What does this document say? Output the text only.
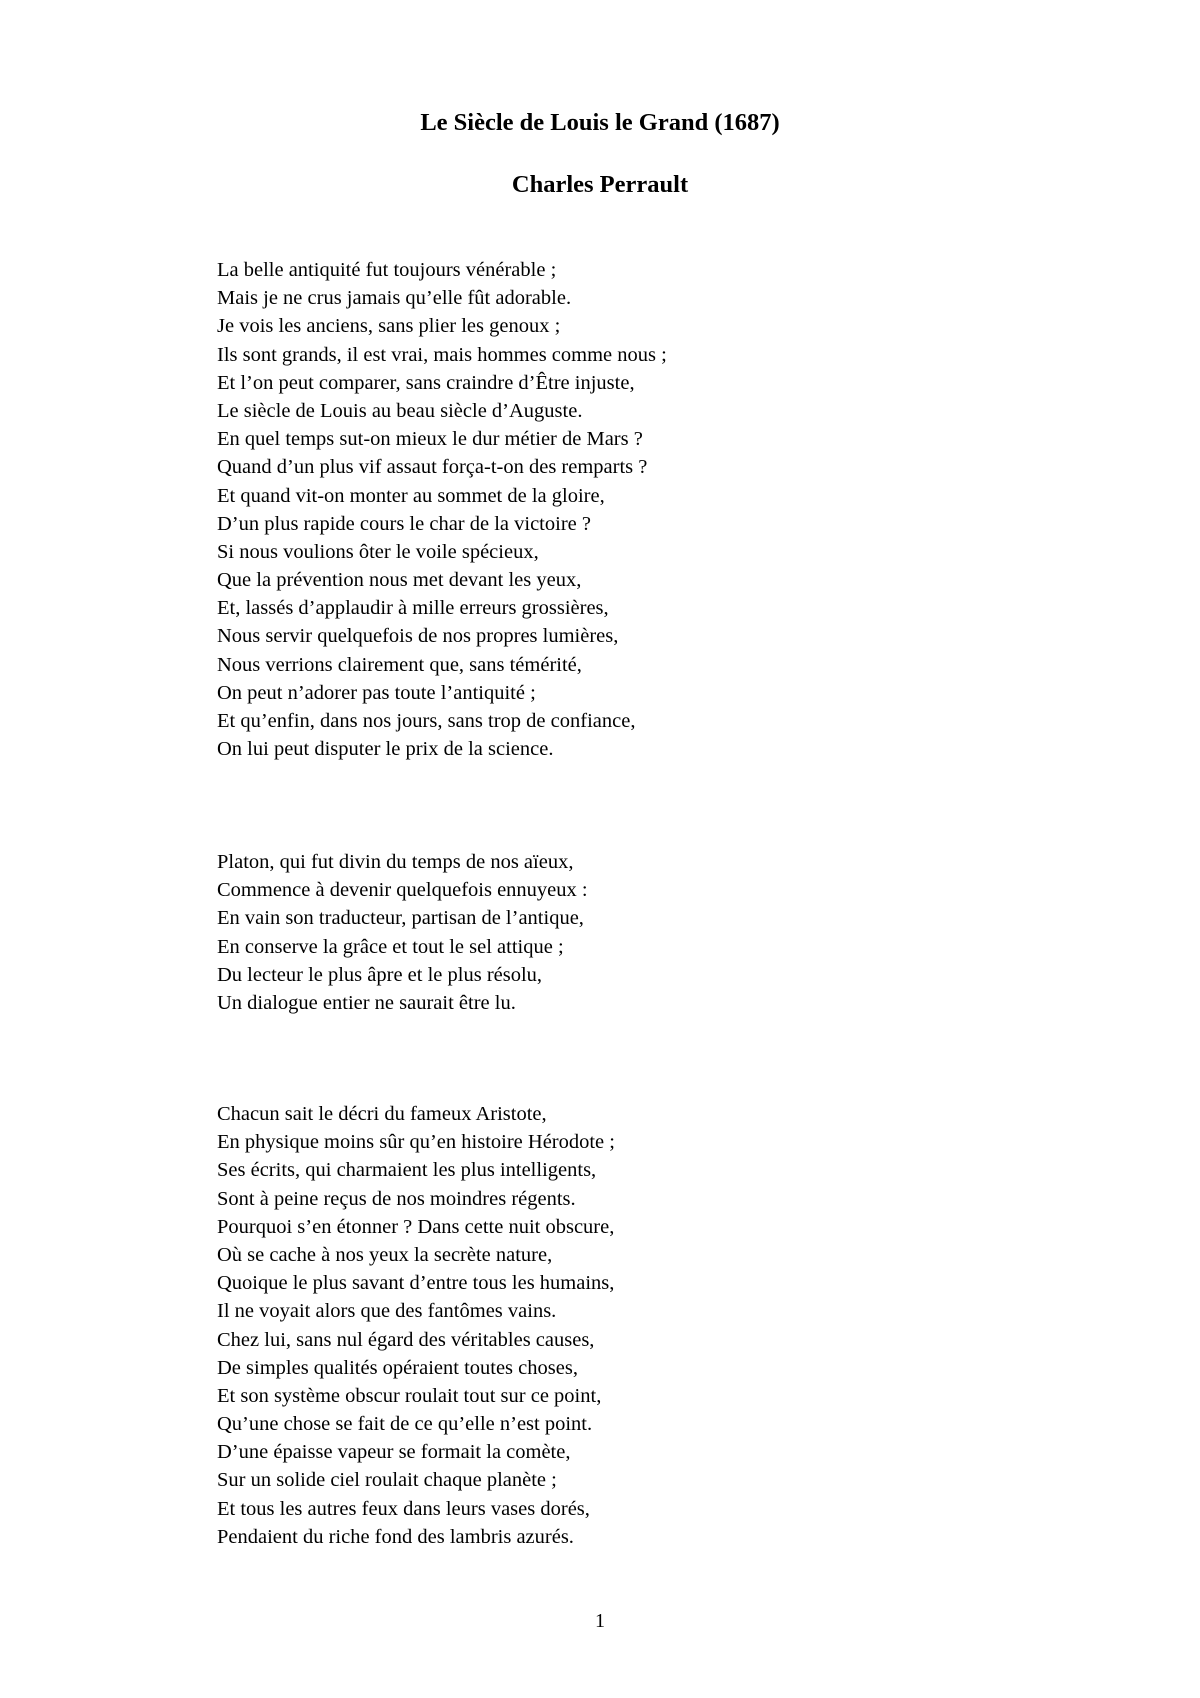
Le Siècle de Louis le Grand (1687)
Charles Perrault
La belle antiquité fut toujours vénérable ;
Mais je ne crus jamais qu’elle fût adorable.
Je vois les anciens, sans plier les genoux ;
Ils sont grands, il est vrai, mais hommes comme nous ;
Et l’on peut comparer, sans craindre d’Être injuste,
Le siècle de Louis au beau siècle d’Auguste.
En quel temps sut-on mieux le dur métier de Mars ?
Quand d’un plus vif assaut força-t-on des remparts ?
Et quand vit-on monter au sommet de la gloire,
D’un plus rapide cours le char de la victoire ?
Si nous voulions ôter le voile spécieux,
Que la prévention nous met devant les yeux,
Et, lassés d’applaudir à mille erreurs grossières,
Nous servir quelquefois de nos propres lumières,
Nous verrions clairement que, sans témérité,
On peut n’adorer pas toute l’antiquité ;
Et qu’enfin, dans nos jours, sans trop de confiance,
On lui peut disputer le prix de la science.
Platon, qui fut divin du temps de nos aïeux,
Commence à devenir quelquefois ennuyeux :
En vain son traducteur, partisan de l’antique,
En conserve la grâce et tout le sel attique ;
Du lecteur le plus âpre et le plus résolu,
Un dialogue entier ne saurait être lu.
Chacun sait le décri du fameux Aristote,
En physique moins sûr qu’en histoire Hérodote ;
Ses écrits, qui charmaient les plus intelligents,
Sont à peine reçus de nos moindres régents.
Pourquoi s’en étonner ? Dans cette nuit obscure,
Où se cache à nos yeux la secrète nature,
Quoique le plus savant d’entre tous les humains,
Il ne voyait alors que des fantômes vains.
Chez lui, sans nul égard des véritables causes,
De simples qualités opéraient toutes choses,
Et son système obscur roulait tout sur ce point,
Qu’une chose se fait de ce qu’elle n’est point.
D’une épaisse vapeur se formait la comète,
Sur un solide ciel roulait chaque planète ;
Et tous les autres feux dans leurs vases dorés,
Pendaient du riche fond des lambris azurés.
1
